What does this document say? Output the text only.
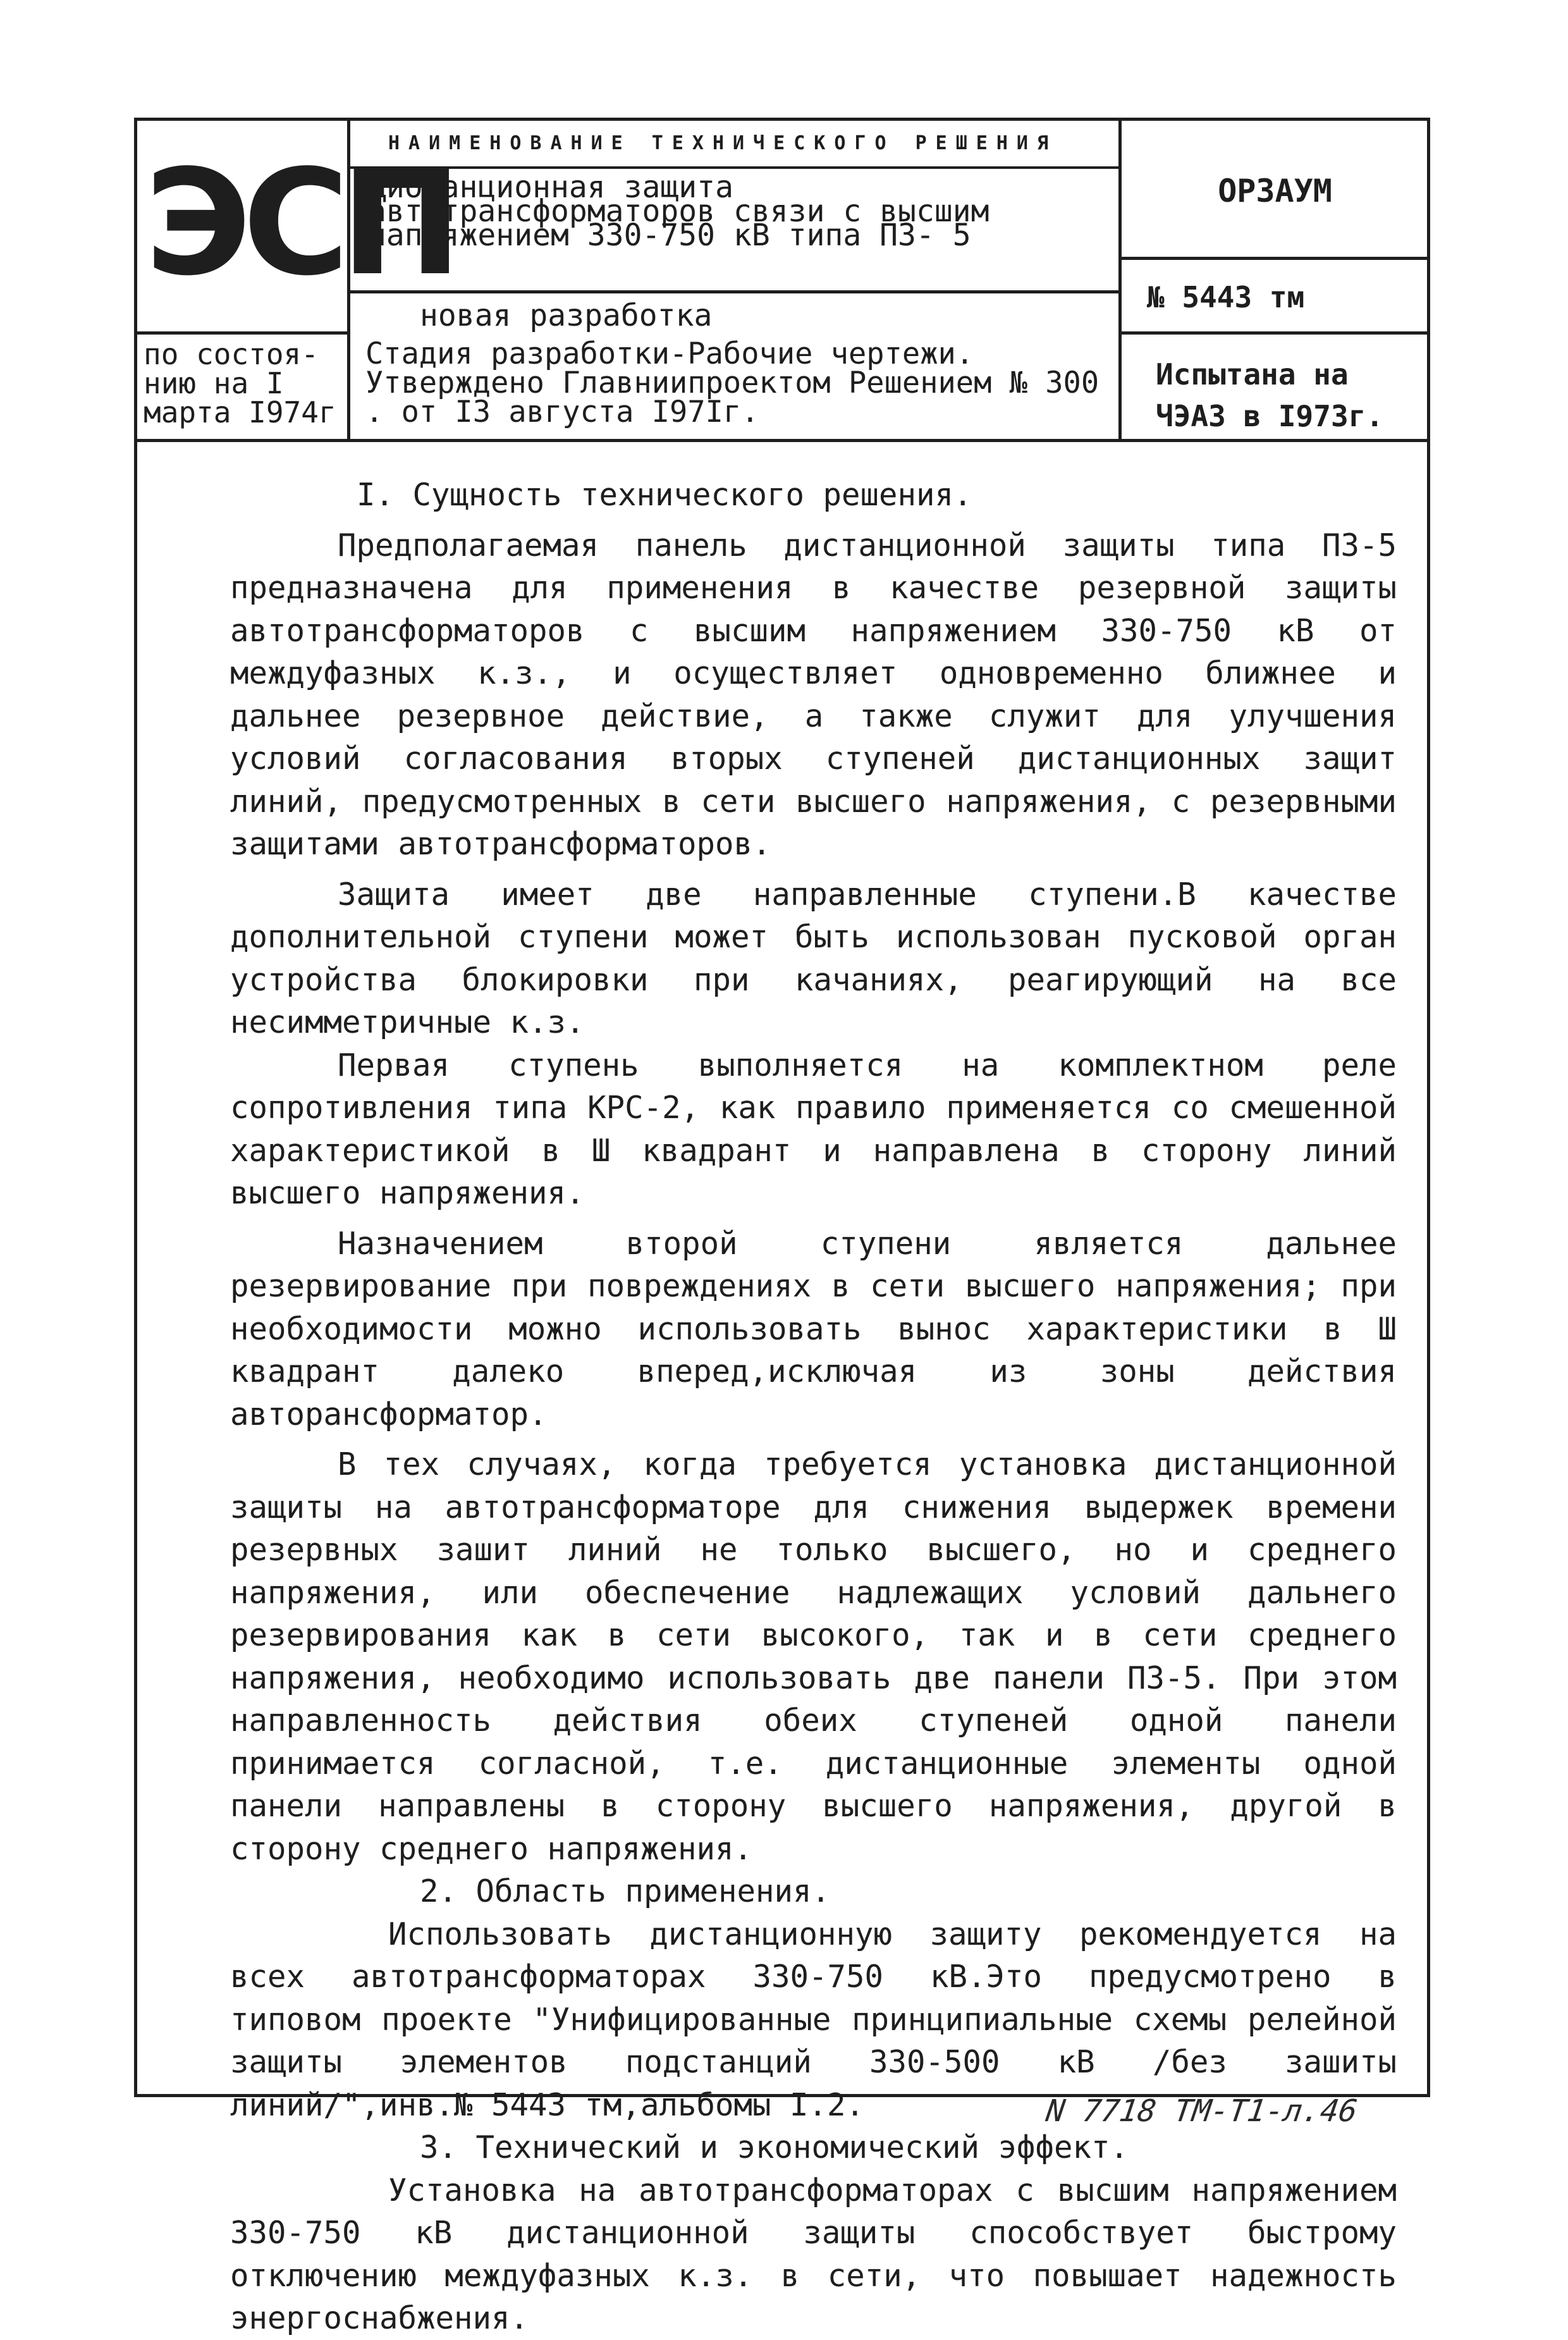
ЭСП
НАИМЕНОВАНИЕ ТЕХНИЧЕСКОГО РЕШЕНИЯ
Диотанционная защита автотрансформаторов связи с высшим напряжением 330-750 кВ типа ПЗ- 5
новая разработка
ОРЗАУМ
№ 5443 тм
по состоя-
нию на I
марта I974г
Стадия разработки-Рабочие чертежи. Утверждено Главниипроектом Решением № 300 . от I3 августа I97Iг.
Испытана на
ЧЭАЗ в I973г.

I. Сущность технического решения.

Предполагаемая панель дистанционной защиты типа ПЗ-5 предназначена для применения в качестве резервной защиты автотрансформаторов с высшим напряжением 330-750 кВ от междуфазных к.з., и осуществляет одновременно ближнее и дальнее резервное действие, а также служит для улучшения условий согласования вторых ступеней дистанционных защит линий, предусмотренных в сети высшего напряжения, с резервными защитами автотрансформаторов.

Защита имеет две направленные ступени.В качестве дополнительной ступени может быть использован пусковой орган устройства блокировки при качаниях, реагирующий на все несимметричные к.з.

Первая ступень выполняется на комплектном реле сопротивления типа КРС-2, как правило применяется со смешенной характеристикой в Ш квадрант и направлена в сторону линий высшего напряжения.

Назначением второй ступени является дальнее резервирование при повреждениях в сети высшего напряжения; при необходимости можно использовать вынос характеристики в Ш квадрант далеко вперед,исключая из зоны действия авторансформатор.

В тех случаях, когда требуется установка дистанционной защиты на автотрансформаторе для снижения выдержек времени резервных зашит линий не только высшего, но и среднего напряжения, или обеспечение надлежащих условий дальнего резервирования как в сети высокого, так и в сети среднего напряжения, необходимо использовать две панели ПЗ-5. При этом направленность действия обеих ступеней одной панели принимается согласной, т.е. дистанционные элементы одной панели направлены в сторону высшего напряжения, другой в сторону среднего напряжения.

2. Область применения.

Использовать дистанционную защиту рекомендуется на всех автотрансформаторах 330-750 кВ.Это предусмотрено в типовом проекте "Унифицированные принципиальные схемы релейной защиты элементов подстанций 330-500 кВ /без зашиты линий/",инв.№ 5443 тм,альбомы I.2.

3. Технический и экономический эффект.

Установка на автотрансформаторах с высшим напряжением 330-750 кВ дистанционной защиты способствует быстрому отключению междуфазных к.з. в сети, что повышает надежность энергоснабжения.

N 7718 ТМ-Т1-л.46
